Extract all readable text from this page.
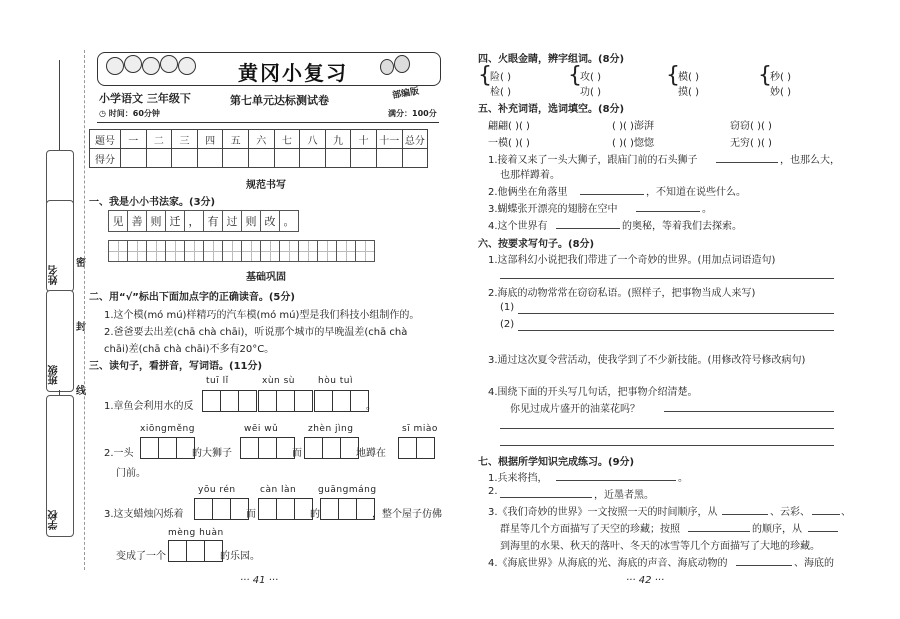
姓名
班级
学校
密
封
线
黄冈小复习
小学语文 三年级下	第七单元达标测试卷	部编版
◷ 时间：60分钟	满分：100分
题号	一	二	三	四	五	六	七	八	九	十	十一	总分
得分												
规范书写
一、我是小小书法家。(3分)
见 善 则 迁 ， 有 过 则 改 。
基础巩固
二、用“√”标出下面加点字的正确读音。(5分)
1.这个模(mó mú)样精巧的汽车模(mó mú)型是我们科技小组制作的。
2.爸爸要去出差(chā chà chāi)，听说那个城市的早晚温差(chā chà
chāi)差(chā chà chāi)不多有20°C。
三、读句子，看拼音，写词语。(11分)
tuī lǐ	xùn sù	hòu tuì
1.章鱼会利用水的反	。
xiōngměng	wēi wǔ	zhèn jìng	sī miào
2.一头	的大狮子	而	地蹲在
门前。
yōu rén	càn làn guāngmáng
3.这支蜡烛闪烁着	而	的	，整个屋子仿佛
mèng huàn
变成了一个	的乐园。
··· 41 ···
四、火眼金睛，辨字组词。(8分)
{	{	{	{
险( )	攻( )	模( )	秒( )
检( )	功( )	摸( )	妙( )
五、补充词语，选词填空。(8分)
翩翩( )( )	( )( )澎湃	窃窃( )( )
一模( )( )	( )( )惚惚	无穷( )( )
1.接着又来了一头大狮子，跟庙门前的石头狮子	，也那么大，
也那样蹲着。
2.他俩坐在角落里	，不知道在说些什么。
3.蝴蝶张开漂亮的翅膀在空中	。
4.这个世界有	的奥秘，等着我们去探索。
六、按要求写句子。(8分)
1.这部科幻小说把我们带进了一个奇妙的世界。(用加点词语造句)
2.海底的动物常常在窃窃私语。(照样子，把事物当成人来写)
(1)
(2)
3.通过这次夏令营活动，使我学到了不少新技能。(用修改符号修改病句)
4.围绕下面的开头写几句话，把事物介绍清楚。
你见过成片盛开的油菜花吗？
七、根据所学知识完成练习。(9分)
1.兵来将挡，	。
2.	，近墨者黑。
3.《我们奇妙的世界》一文按照一天的时间顺序，从	、云彩、	、
群星等几个方面描写了天空的珍藏；按照	的顺序，从
到海里的水果、秋天的落叶、冬天的冰雪等几个方面描写了大地的珍藏。
4.《海底世界》从海底的光、海底的声音、海底动物的	、海底的
··· 42 ···
